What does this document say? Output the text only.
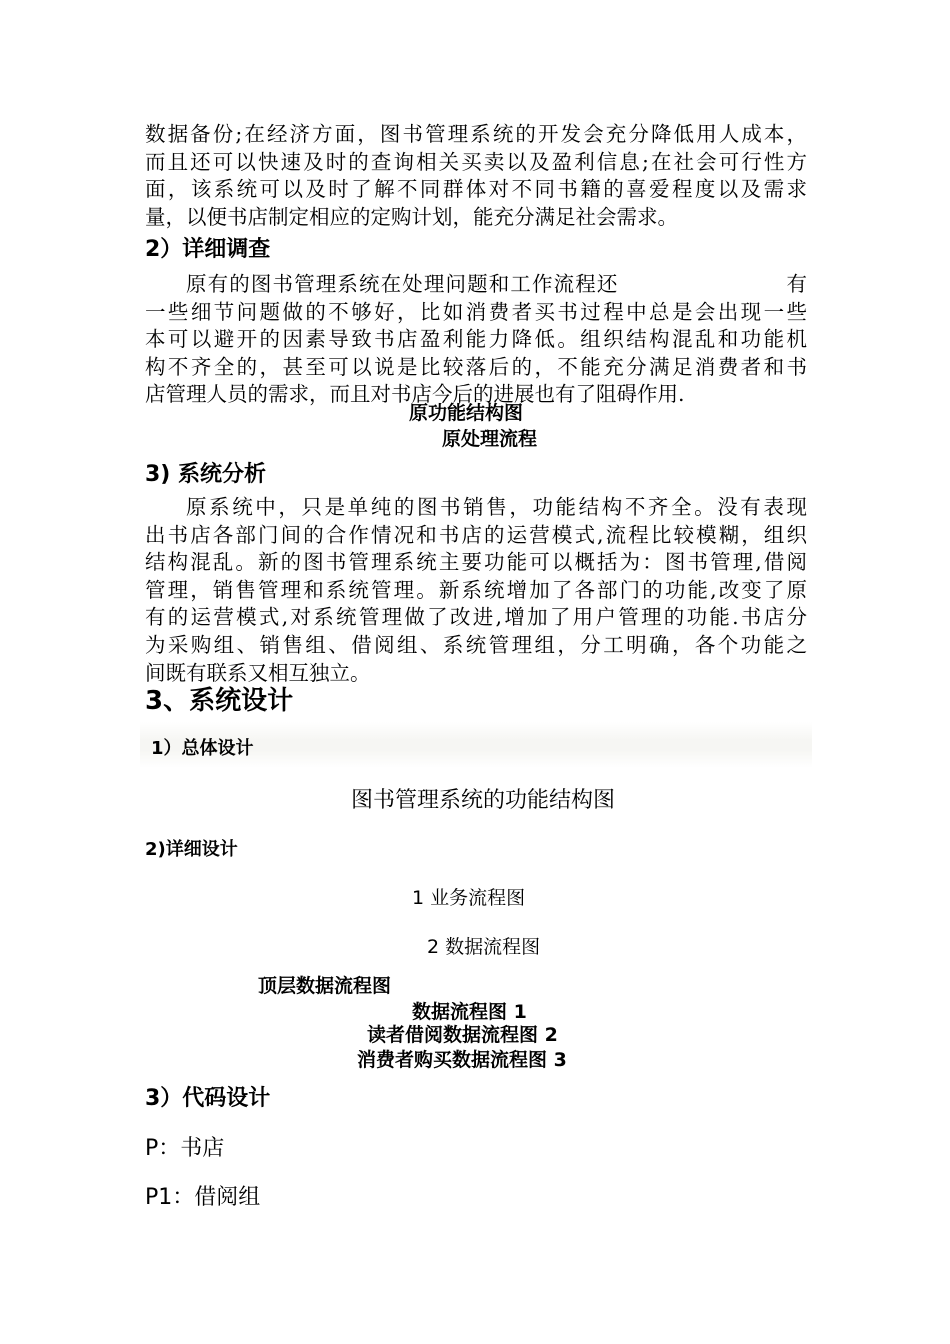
数据备份;在经济方面，图书管理系统的开发会充分降低用人成本，
而且还可以快速及时的查询相关买卖以及盈利信息;在社会可行性方
面，该系统可以及时了解不同群体对不同书籍的喜爱程度以及需求
量，以便书店制定相应的定购计划，能充分满足社会需求。
2）详细调查
原有的图书管理系统在处理问题和工作流程还                      有
一些细节问题做的不够好，比如消费者买书过程中总是会出现一些
本可以避开的因素导致书店盈利能力降低。组织结构混乱和功能机
构不齐全的，甚至可以说是比较落后的，不能充分满足消费者和书
店管理人员的需求，而且对书店今后的进展也有了阻碍作用.
原功能结构图
原处理流程
3) 系统分析
原系统中，只是单纯的图书销售，功能结构不齐全。没有表现
出书店各部门间的合作情况和书店的运营模式,流程比较模糊，组织
结构混乱。新的图书管理系统主要功能可以概括为：图书管理,借阅
管理，销售管理和系统管理。新系统增加了各部门的功能,改变了原
有的运营模式,对系统管理做了改进,增加了用户管理的功能.书店分
为采购组、销售组、借阅组、系统管理组，分工明确，各个功能之
间既有联系又相互独立。
3、系统设计
1）总体设计
图书管理系统的功能结构图
2)详细设计
1 业务流程图
2 数据流程图
顶层数据流程图
数据流程图 1
读者借阅数据流程图 2
消费者购买数据流程图 3
3）代码设计
P：书店
P1：借阅组
